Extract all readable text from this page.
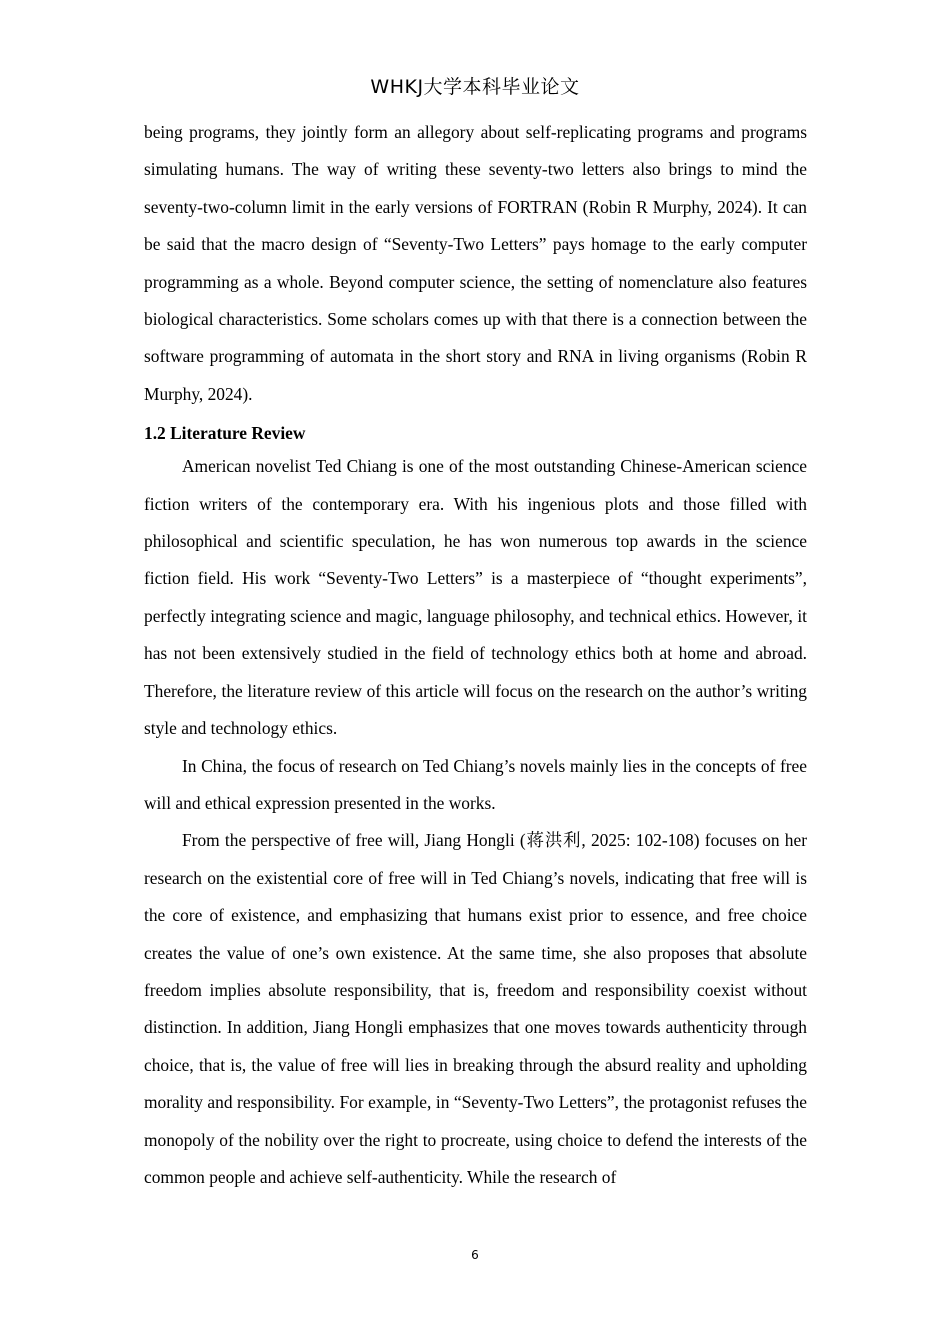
WHKJ大学本科毕业论文

being programs, they jointly form an allegory about self-replicating programs and programs simulating humans. The way of writing these seventy-two letters also brings to mind the seventy-two-column limit in the early versions of FORTRAN (Robin R Murphy, 2024). It can be said that the macro design of “Seventy-Two Letters” pays homage to the early computer programming as a whole. Beyond computer science, the setting of nomenclature also features biological characteristics. Some scholars comes up with that there is a connection between the software programming of automata in the short story and RNA in living organisms (Robin R Murphy, 2024).

1.2 Literature Review

American novelist Ted Chiang is one of the most outstanding Chinese-American science fiction writers of the contemporary era. With his ingenious plots and those filled with philosophical and scientific speculation, he has won numerous top awards in the science fiction field. His work “Seventy-Two Letters” is a masterpiece of “thought experiments”, perfectly integrating science and magic, language philosophy, and technical ethics. However, it has not been extensively studied in the field of technology ethics both at home and abroad. Therefore, the literature review of this article will focus on the research on the author’s writing style and technology ethics.

In China, the focus of research on Ted Chiang’s novels mainly lies in the concepts of free will and ethical expression presented in the works.

From the perspective of free will, Jiang Hongli (蒋洪利, 2025: 102-108) focuses on her research on the existential core of free will in Ted Chiang’s novels, indicating that free will is the core of existence, and emphasizing that humans exist prior to essence, and free choice creates the value of one’s own existence. At the same time, she also proposes that absolute freedom implies absolute responsibility, that is, freedom and responsibility coexist without distinction. In addition, Jiang Hongli emphasizes that one moves towards authenticity through choice, that is, the value of free will lies in breaking through the absurd reality and upholding morality and responsibility. For example, in “Seventy-Two Letters”, the protagonist refuses the monopoly of the nobility over the right to procreate, using choice to defend the interests of the common people and achieve self-authenticity. While the research of

6
